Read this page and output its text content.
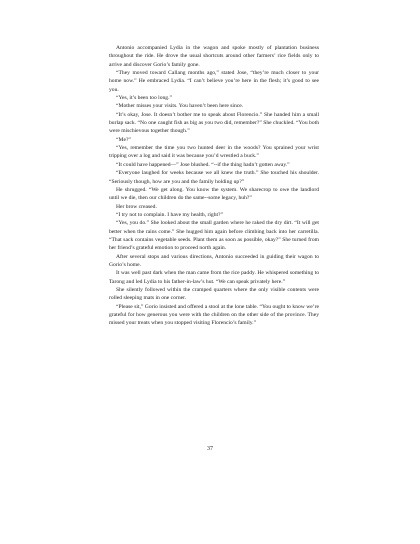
Antonio accompanied Lydia in the wagon and spoke mostly of plantation business throughout the ride. He drove the usual shortcuts around other farmers’ rice fields only to arrive and discover Gorio’s family gone.

“They moved toward Callang months ago,” stated Jose, “they’re much closer to your home now.” He embraced Lydia. “I can’t believe you’re here in the flesh; it’s good to see you.

“Yes, it’s been too long.”

“Mother misses your visits. You haven’t been here since.

“It’s okay, Jose. It doesn’t bother me to speak about Florencio.” She handed him a small burlap sack. “No one caught fish as big as you two did, remember?” She chuckled. “You both were mischievous together though.”

“Me?”

“Yes, remember the time you two hunted deer in the woods? You sprained your wrist tripping over a log and said it was because you’d wrestled a buck.”

“It could have happened—” Jose blushed. “--if the thing hadn’t gotten away.”

“Everyone laughed for weeks because we all knew the truth.” She touched his shoulder. “Seriously though, how are you and the family holding up?”

He shrugged. “We get along. You know the system. We sharecrop to owe the landlord until we die, then our children do the same--some legacy, huh?”

Her brow creased.

“I try not to complain. I have my health, right?”

“Yes, you do.” She looked about the small garden where he raked the dry dirt. “It will get better when the rains come.” She hugged him again before climbing back into her carretilla. “That sack contains vegetable seeds. Plant them as soon as possible, okay?” She turned from her friend’s grateful emotion to proceed north again.

After several stops and various directions, Antonio succeeded in guiding their wagon to Gorio’s home.

It was well past dark when the man came from the rice paddy. He whispered something to Tarong and led Lydia to his father-in-law’s hut. “We can speak privately here.”

She silently followed within the cramped quarters where the only visible contents were rolled sleeping mats in one corner.

“Please sit,” Gorio insisted and offered a stool at the lone table. “You ought to know we’re grateful for how generous you were with the children on the other side of the province. They missed your treats when you stopped visiting Florencio’s family.”

37
